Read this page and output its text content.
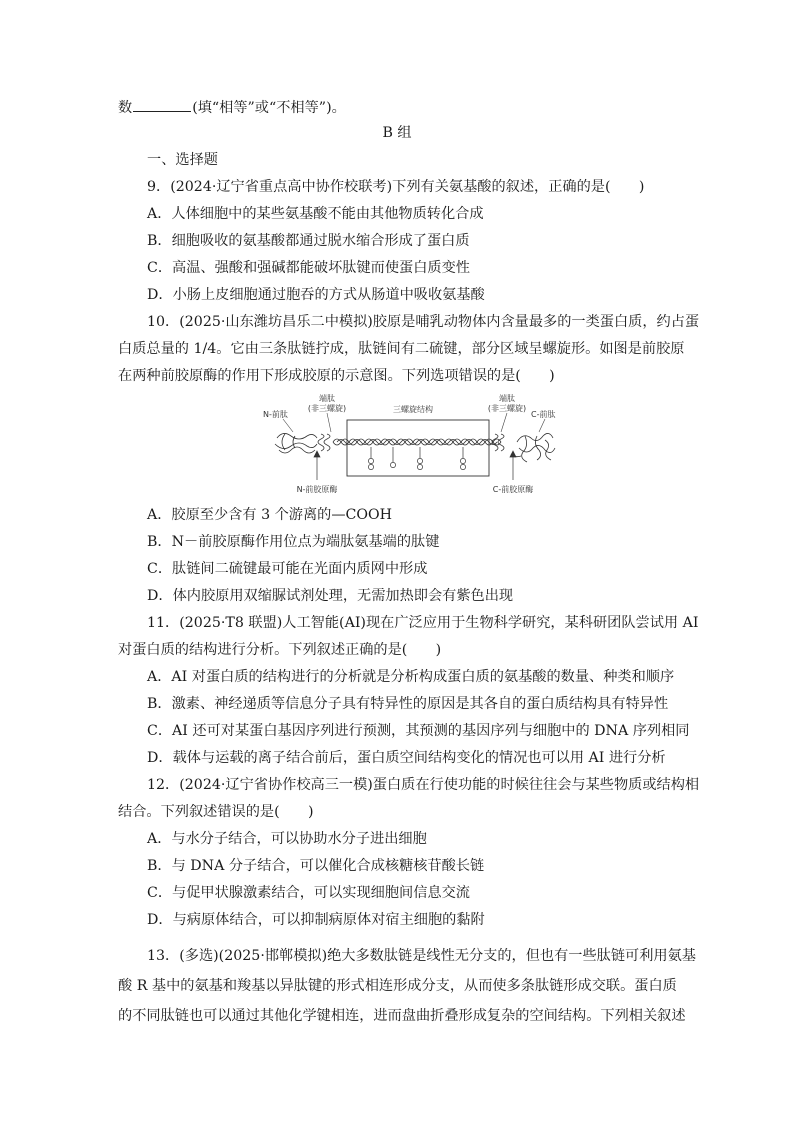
数	(填“相等”或“不相等”)。
B 组
一、选择题
9．(2024·辽宁省重点高中协作校联考)下列有关氨基酸的叙述，正确的是(　　)
A．人体细胞中的某些氨基酸不能由其他物质转化合成
B．细胞吸收的氨基酸都通过脱水缩合形成了蛋白质
C．高温、强酸和强碱都能破坏肽键而使蛋白质变性
D．小肠上皮细胞通过胞吞的方式从肠道中吸收氨基酸
10．(2025·山东潍坊昌乐二中模拟)胶原是哺乳动物体内含量最多的一类蛋白质，约占蛋
白质总量的 1/4。它由三条肽链拧成，肽链间有二硫键，部分区域呈螺旋形。如图是前胶原
在两种前胶原酶的作用下形成胶原的示意图。下列选项错误的是(　　)
N-前肽
端肽
(非三螺旋)	三螺旋结构
端肽
(非三螺旋)
C-前肽
N-前胶原酶	C-前胶原酶
A．胶原至少含有 3 个游离的—COOH
B．N－前胶原酶作用位点为端肽氨基端的肽键
C．肽链间二硫键最可能在光面内质网中形成
D．体内胶原用双缩脲试剂处理，无需加热即会有紫色出现
11．(2025·T8 联盟)人工智能(AI)现在广泛应用于生物科学研究，某科研团队尝试用 AI
对蛋白质的结构进行分析。下列叙述正确的是(　　)
A．AI 对蛋白质的结构进行的分析就是分析构成蛋白质的氨基酸的数量、种类和顺序
B．激素、神经递质等信息分子具有特异性的原因是其各自的蛋白质结构具有特异性
C．AI 还可对某蛋白基因序列进行预测，其预测的基因序列与细胞中的 DNA 序列相同
D．载体与运载的离子结合前后，蛋白质空间结构变化的情况也可以用 AI 进行分析
12．(2024·辽宁省协作校高三一模)蛋白质在行使功能的时候往往会与某些物质或结构相
结合。下列叙述错误的是(　　)
A．与水分子结合，可以协助水分子进出细胞
B．与 DNA 分子结合，可以催化合成核糖核苷酸长链
C．与促甲状腺激素结合，可以实现细胞间信息交流
D．与病原体结合，可以抑制病原体对宿主细胞的黏附
13．(多选)(2025·邯郸模拟)绝大多数肽链是线性无分支的，但也有一些肽链可利用氨基
酸 R 基中的氨基和羧基以异肽键的形式相连形成分支，从而使多条肽链形成交联。蛋白质
的不同肽链也可以通过其他化学键相连，进而盘曲折叠形成复杂的空间结构。下列相关叙述
